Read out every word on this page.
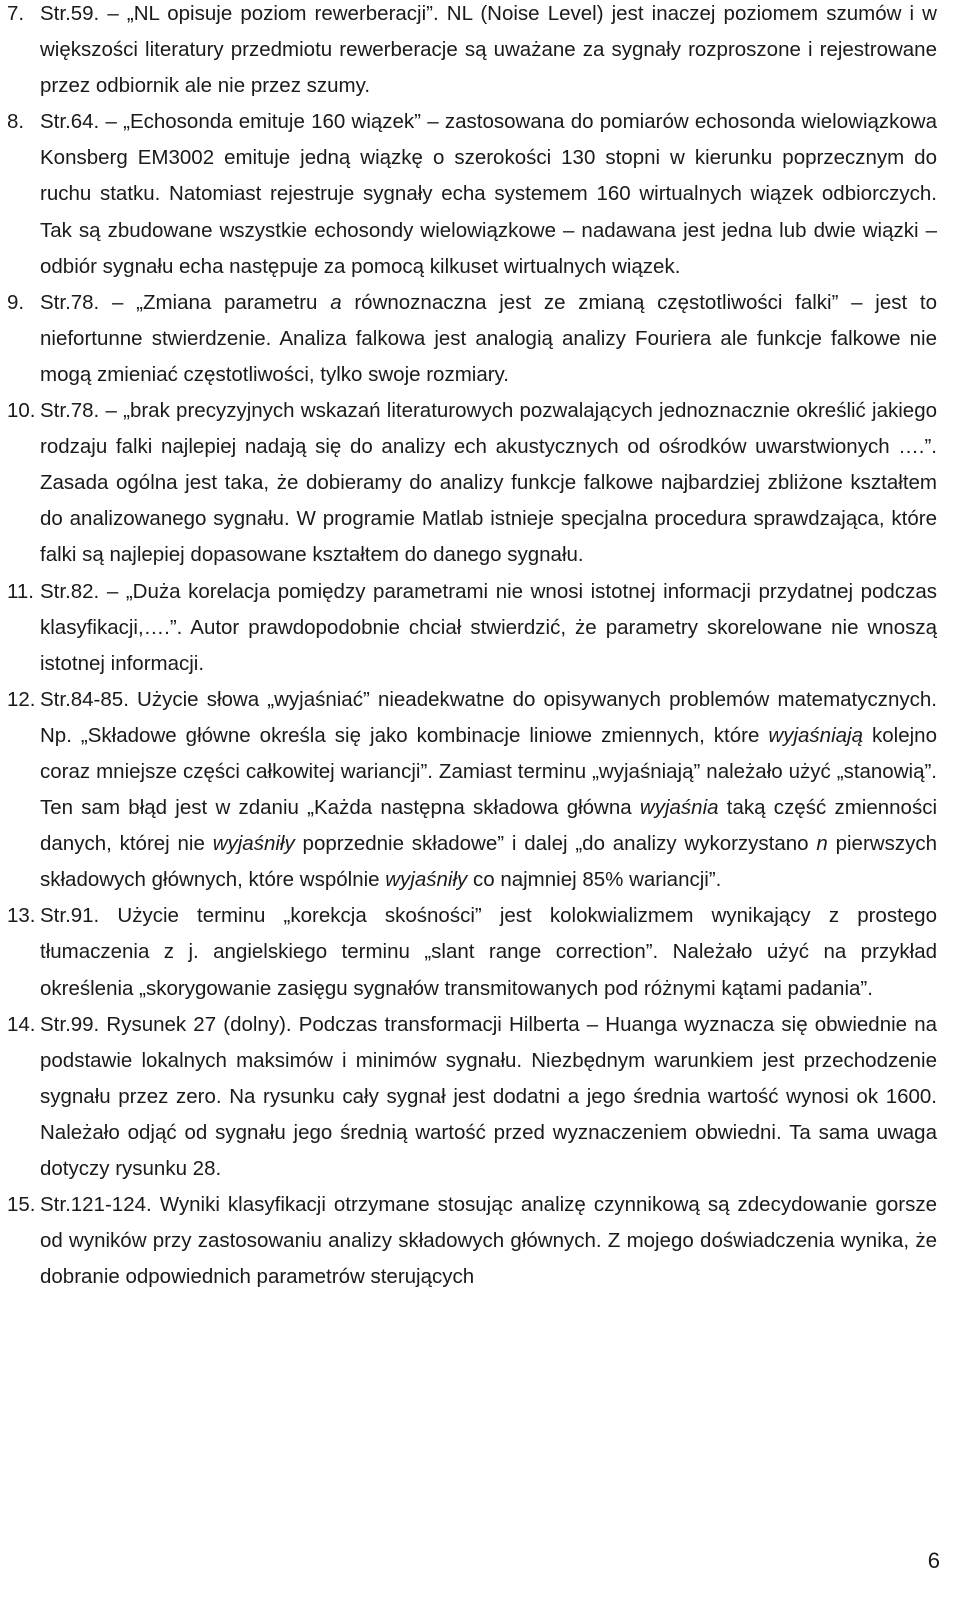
7. Str.59. – „NL opisuje poziom rewerberacji”. NL (Noise Level) jest inaczej poziomem szumów i w większości literatury przedmiotu rewerberacje są uważane za sygnały rozproszone i rejestrowane przez odbiornik ale nie przez szumy.
8. Str.64. – „Echosonda emituje 160 wiązek” – zastosowana do pomiarów echosonda wielowiązkowa Konsberg EM3002 emituje jedną wiązkę o szerokości 130 stopni w kierunku poprzecznym do ruchu statku. Natomiast rejestruje sygnały echa systemem 160 wirtualnych wiązek odbiorczych. Tak są zbudowane wszystkie echosondy wielowiązkowe – nadawana jest jedna lub dwie wiązki – odbiór sygnału echa następuje za pomocą kilkuset wirtualnych wiązek.
9. Str.78. – „Zmiana parametru a równoznaczna jest ze zmianą częstotliwości falki” – jest to niefortunne stwierdzenie. Analiza falkowa jest analogią analizy Fouriera ale funkcje falkowe nie mogą zmieniać częstotliwości, tylko swoje rozmiary.
10. Str.78. – „brak precyzyjnych wskazań literaturowych pozwalających jednoznacznie określić jakiego rodzaju falki najlepiej nadają się do analizy ech akustycznych od ośrodków uwarstwionych ….”. Zasada ogólna jest taka, że dobieramy do analizy funkcje falkowe najbardziej zbliżone kształtem do analizowanego sygnału. W programie Matlab istnieje specjalna procedura sprawdzająca, które falki są najlepiej dopasowane kształtem do danego sygnału.
11. Str.82. – „Duża korelacja pomiędzy parametrami nie wnosi istotnej informacji przydatnej podczas klasyfikacji,….”. Autor prawdopodobnie chciał stwierdzić, że parametry skorelowane nie wnoszą istotnej informacji.
12. Str.84-85. Użycie słowa „wyjaśniać” nieadekwatne do opisywanych problemów matematycznych. Np. „Składowe główne określa się jako kombinacje liniowe zmiennych, które wyjaśniają kolejno coraz mniejsze części całkowitej wariancji”. Zamiast terminu „wyjaśniają” należało użyć „stanowią”. Ten sam błąd jest w zdaniu „Każda następna składowa główna wyjaśnia taką część zmienności danych, której nie wyjaśniły poprzednie składowe” i dalej „do analizy wykorzystano n pierwszych składowych głównych, które wspólnie wyjaśniły co najmniej 85% wariancji”.
13. Str.91. Użycie terminu „korekcja skośności” jest kolokwializmem wynikający z prostego tłumaczenia z j. angielskiego terminu „slant range correction”. Należało użyć na przykład określenia „skorygowanie zasięgu sygnałów transmitowanych pod różnymi kątami padania”.
14. Str.99. Rysunek 27 (dolny). Podczas transformacji Hilberta – Huanga wyznacza się obwiednie na podstawie lokalnych maksimów i minimów sygnału. Niezbędnym warunkiem jest przechodzenie sygnału przez zero. Na rysunku cały sygnał jest dodatni a jego średnia wartość wynosi ok 1600. Należało odjąć od sygnału jego średnią wartość przed wyznaczeniem obwiedni. Ta sama uwaga dotyczy rysunku 28.
15. Str.121-124. Wyniki klasyfikacji otrzymane stosując analizę czynnikową są zdecydowanie gorsze od wyników przy zastosowaniu analizy składowych głównych. Z mojego doświadczenia wynika, że dobranie odpowiednich parametrów sterujących
6
